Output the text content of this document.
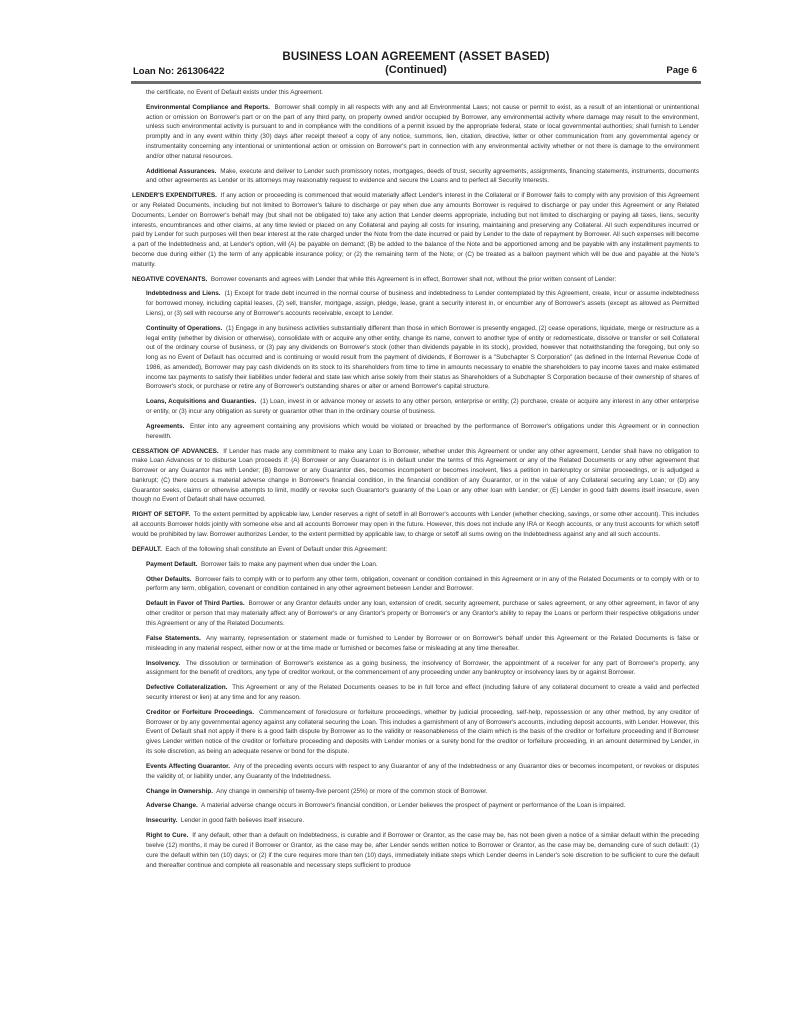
BUSINESS LOAN AGREEMENT (ASSET BASED)
(Continued)
Loan No: 261306422	Page 6

the certificate, no Event of Default exists under this Agreement.

Environmental Compliance and Reports. Borrower shall comply in all respects with any and all Environmental Laws; not cause or permit to exist, as a result of an intentional or unintentional action or omission on Borrower's part or on the part of any third party, on property owned and/or occupied by Borrower, any environmental activity where damage may result to the environment, unless such environmental activity is pursuant to and in compliance with the conditions of a permit issued by the appropriate federal, state or local governmental authorities; shall furnish to Lender promptly and in any event within thirty (30) days after receipt thereof a copy of any notice, summons, lien, citation, directive, letter or other communication from any governmental agency or instrumentality concerning any intentional or unintentional action or omission on Borrower's part in connection with any environmental activity whether or not there is damage to the environment and/or other natural resources.

Additional Assurances. Make, execute and deliver to Lender such promissory notes, mortgages, deeds of trust, security agreements, assignments, financing statements, instruments, documents and other agreements as Lender or its attorneys may reasonably request to evidence and secure the Loans and to perfect all Security Interests.

LENDER'S EXPENDITURES. If any action or proceeding is commenced that would materially affect Lender's interest in the Collateral or if Borrower fails to comply with any provision of this Agreement or any Related Documents, including but not limited to Borrower's failure to discharge or pay when due any amounts Borrower is required to discharge or pay under this Agreement or any Related Documents, Lender on Borrower's behalf may (but shall not be obligated to) take any action that Lender deems appropriate, including but not limited to discharging or paying all taxes, liens, security interests, encumbrances and other claims, at any time levied or placed on any Collateral and paying all costs for insuring, maintaining and preserving any Collateral. All such expenditures incurred or paid by Lender for such purposes will then bear interest at the rate charged under the Note from the date incurred or paid by Lender to the date of repayment by Borrower. All such expenses will become a part of the Indebtedness and, at Lender's option, will (A) be payable on demand; (B) be added to the balance of the Note and be apportioned among and be payable with any installment payments to become due during either (1) the term of any applicable insurance policy; or (2) the remaining term of the Note; or (C) be treated as a balloon payment which will be due and payable at the Note's maturity.

NEGATIVE COVENANTS. Borrower covenants and agrees with Lender that while this Agreement is in effect, Borrower shall not, without the prior written consent of Lender:

Indebtedness and Liens. (1) Except for trade debt incurred in the normal course of business and indebtedness to Lender contemplated by this Agreement, create, incur or assume indebtedness for borrowed money, including capital leases, (2) sell, transfer, mortgage, assign, pledge, lease, grant a security interest in, or encumber any of Borrower's assets (except as allowed as Permitted Liens), or (3) sell with recourse any of Borrower's accounts receivable, except to Lender.

Continuity of Operations. (1) Engage in any business activities substantially different than those in which Borrower is presently engaged, (2) cease operations, liquidate, merge or restructure as a legal entity (whether by division or otherwise), consolidate with or acquire any other entity, change its name, convert to another type of entity or redomesticate, dissolve or transfer or sell Collateral out of the ordinary course of business, or (3) pay any dividends on Borrower's stock (other than dividends payable in its stock), provided, however that notwithstanding the foregoing, but only so long as no Event of Default has occurred and is continuing or would result from the payment of dividends, if Borrower is a "Subchapter S Corporation" (as defined in the Internal Revenue Code of 1986, as amended), Borrower may pay cash dividends on its stock to its shareholders from time to time in amounts necessary to enable the shareholders to pay income taxes and make estimated income tax payments to satisfy their liabilities under federal and state law which arise solely from their status as Shareholders of a Subchapter S Corporation because of their ownership of shares of Borrower's stock, or purchase or retire any of Borrower's outstanding shares or alter or amend Borrower's capital structure.

Loans, Acquisitions and Guaranties. (1) Loan, invest in or advance money or assets to any other person, enterprise or entity, (2) purchase, create or acquire any interest in any other enterprise or entity, or (3) incur any obligation as surety or guarantor other than in the ordinary course of business.

Agreements. Enter into any agreement containing any provisions which would be violated or breached by the performance of Borrower's obligations under this Agreement or in connection herewith.

CESSATION OF ADVANCES. If Lender has made any commitment to make any Loan to Borrower, whether under this Agreement or under any other agreement, Lender shall have no obligation to make Loan Advances or to disburse Loan proceeds if: (A) Borrower or any Guarantor is in default under the terms of this Agreement or any of the Related Documents or any other agreement that Borrower or any Guarantor has with Lender; (B) Borrower or any Guarantor dies, becomes incompetent or becomes insolvent, files a petition in bankruptcy or similar proceedings, or is adjudged a bankrupt; (C) there occurs a material adverse change in Borrower's financial condition, in the financial condition of any Guarantor, or in the value of any Collateral securing any Loan; or (D) any Guarantor seeks, claims or otherwise attempts to limit, modify or revoke such Guarantor's guaranty of the Loan or any other loan with Lender; or (E) Lender in good faith deems itself insecure, even though no Event of Default shall have occurred.

RIGHT OF SETOFF. To the extent permitted by applicable law, Lender reserves a right of setoff in all Borrower's accounts with Lender (whether checking, savings, or some other account). This includes all accounts Borrower holds jointly with someone else and all accounts Borrower may open in the future. However, this does not include any IRA or Keogh accounts, or any trust accounts for which setoff would be prohibited by law. Borrower authorizes Lender, to the extent permitted by applicable law, to charge or setoff all sums owing on the Indebtedness against any and all such accounts.

DEFAULT. Each of the following shall constitute an Event of Default under this Agreement:

Payment Default. Borrower fails to make any payment when due under the Loan.

Other Defaults. Borrower fails to comply with or to perform any other term, obligation, covenant or condition contained in this Agreement or in any of the Related Documents or to comply with or to perform any term, obligation, covenant or condition contained in any other agreement between Lender and Borrower.

Default in Favor of Third Parties. Borrower or any Grantor defaults under any loan, extension of credit, security agreement, purchase or sales agreement, or any other agreement, in favor of any other creditor or person that may materially affect any of Borrower's or any Grantor's property or Borrower's or any Grantor's ability to repay the Loans or perform their respective obligations under this Agreement or any of the Related Documents.

False Statements. Any warranty, representation or statement made or furnished to Lender by Borrower or on Borrower's behalf under this Agreement or the Related Documents is false or misleading in any material respect, either now or at the time made or furnished or becomes false or misleading at any time thereafter.

Insolvency. The dissolution or termination of Borrower's existence as a going business, the insolvency of Borrower, the appointment of a receiver for any part of Borrower's property, any assignment for the benefit of creditors, any type of creditor workout, or the commencement of any proceeding under any bankruptcy or insolvency laws by or against Borrower.

Defective Collateralization. This Agreement or any of the Related Documents ceases to be in full force and effect (including failure of any collateral document to create a valid and perfected security interest or lien) at any time and for any reason.

Creditor or Forfeiture Proceedings. Commencement of foreclosure or forfeiture proceedings, whether by judicial proceeding, self-help, repossession or any other method, by any creditor of Borrower or by any governmental agency against any collateral securing the Loan. This includes a garnishment of any of Borrower's accounts, including deposit accounts, with Lender. However, this Event of Default shall not apply if there is a good faith dispute by Borrower as to the validity or reasonableness of the claim which is the basis of the creditor or forfeiture proceeding and if Borrower gives Lender written notice of the creditor or forfeiture proceeding and deposits with Lender monies or a surety bond for the creditor or forfeiture proceeding, in an amount determined by Lender, in its sole discretion, as being an adequate reserve or bond for the dispute.

Events Affecting Guarantor. Any of the preceding events occurs with respect to any Guarantor of any of the Indebtedness or any Guarantor dies or becomes incompetent, or revokes or disputes the validity of, or liability under, any Guaranty of the Indebtedness.

Change in Ownership. Any change in ownership of twenty-five percent (25%) or more of the common stock of Borrower.

Adverse Change. A material adverse change occurs in Borrower's financial condition, or Lender believes the prospect of payment or performance of the Loan is impaired.

Insecurity. Lender in good faith believes itself insecure.

Right to Cure. If any default, other than a default on Indebtedness, is curable and if Borrower or Grantor, as the case may be, has not been given a notice of a similar default within the preceding twelve (12) months, it may be cured if Borrower or Grantor, as the case may be, after Lender sends written notice to Borrower or Grantor, as the case may be, demanding cure of such default: (1) cure the default within ten (10) days; or (2) if the cure requires more than ten (10) days, immediately initiate steps which Lender deems in Lender's sole discretion to be sufficient to cure the default and thereafter continue and complete all reasonable and necessary steps sufficient to produce
